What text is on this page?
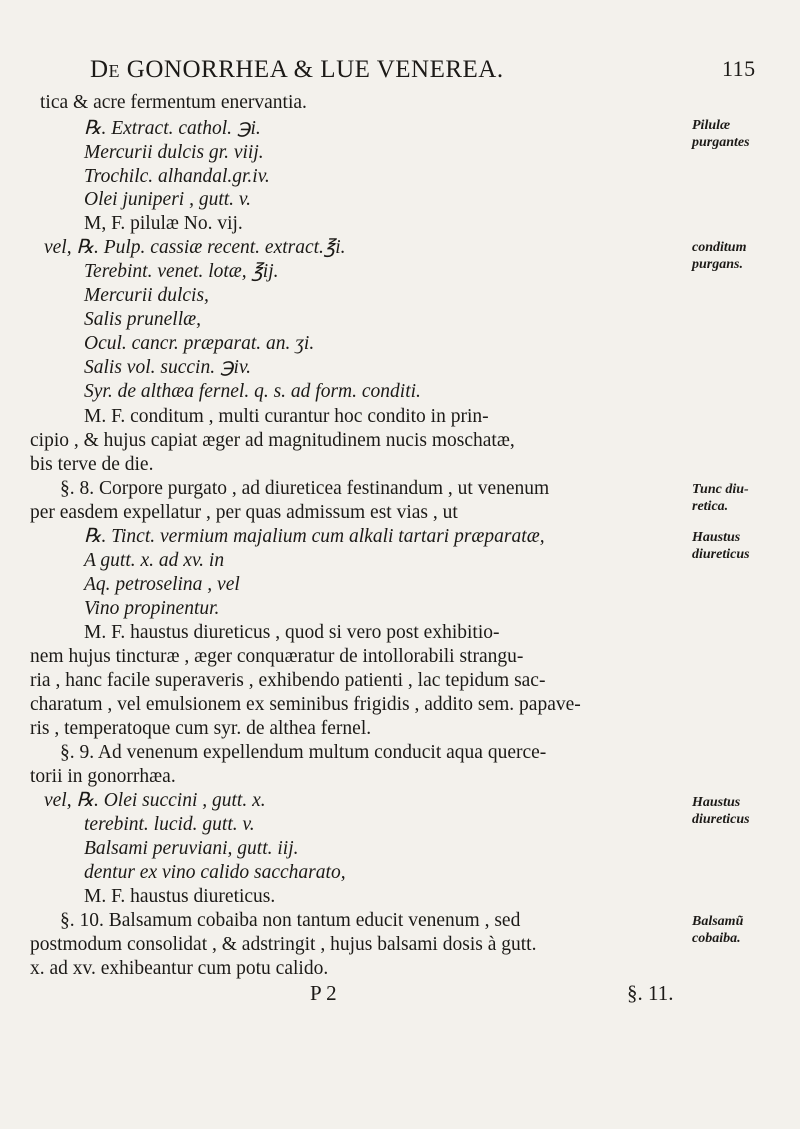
De GONORRHEA & LUE VENEREA.	115
tica & acre fermentum enervantia.
℞. Extract. cathol. ℈i.
Mercurii dulcis gr. viij.
Trochilc. alhandal.gr.iv.
Olei juniperi , gutt. v.
M, F. pilulæ No. vij.
vel, ℞. Pulp. cassiæ recent. extract.℥i.
Terebint. venet. lotæ, ℥ij.
Mercurii dulcis,
Salis prunellæ,
Ocul. cancr. præparat. an. ʒi.
Salis vol. succin. ℈iv.
Syr. de althæa fernel. q. s. ad form. conditi.
M. F. conditum , multi curantur hoc condito in prin-
cipio , & hujus capiat æger ad magnitudinem nucis moschatæ,
bis terve de die.
§. 8. Corpore purgato , ad diureticea festinandum , ut venenum
per easdem expellatur , per quas admissum est vias , ut
℞. Tinct. vermium majalium cum alkali tartari præparatæ,
A gutt. x. ad xv. in
Aq. petroselina , vel
Vino propinentur.
M. F. haustus diureticus , quod si vero post exhibitio-
nem hujus tincturæ , æger conquæratur de intollorabili strangu-
ria , hanc facile superaveris , exhibendo patienti , lac tepidum sac-
charatum , vel emulsionem ex seminibus frigidis , addito sem. papave-
ris , temperatoque cum syr. de althea fernel.
§. 9. Ad venenum expellendum multum conducit aqua querce-
torii in gonorrhæa.
vel, ℞. Olei succini , gutt. x.
terebint. lucid. gutt. v.
Balsami peruviani, gutt. iij.
dentur ex vino calido saccharato,
M. F. haustus diureticus.
§. 10. Balsamum cobaiba non tantum educit venenum , sed
postmodum consolidat , & adstringit , hujus balsami dosis à gutt.
x. ad xv. exhibeantur cum potu calido.
Pilulæ
purgantes
conditum
purgans.
Tunc diu-
retica.
Haustus
diureticus
Haustus
diureticus
Balsamũ
cobaiba.
P 2	§. 11.
